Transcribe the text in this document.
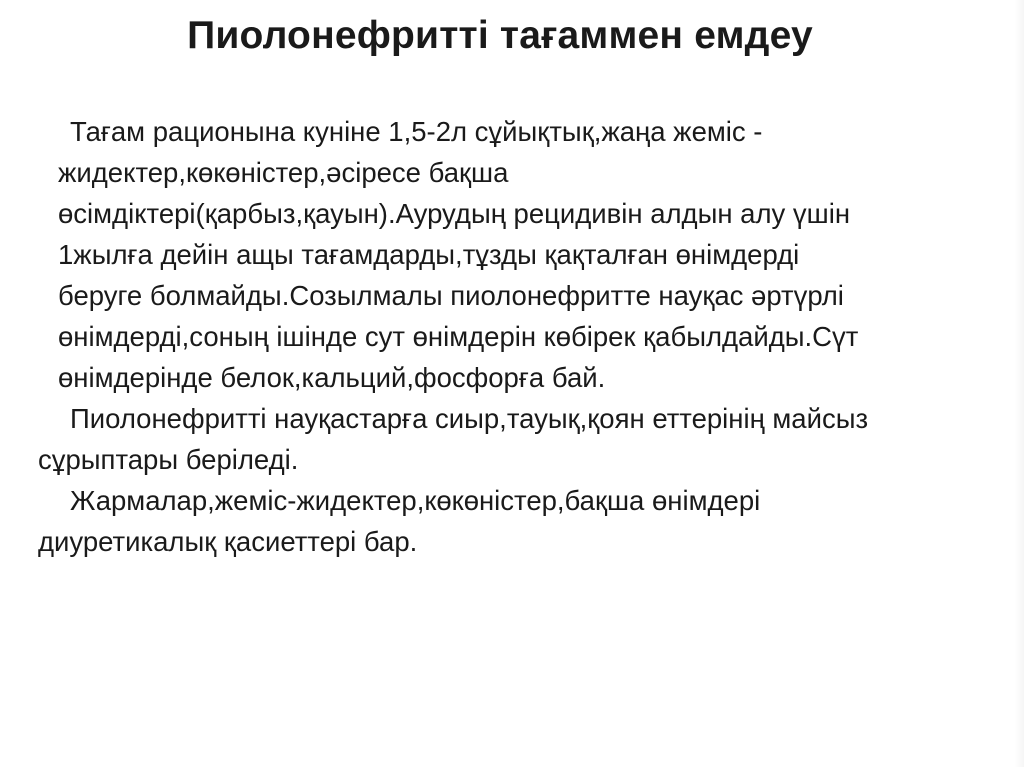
Пиолонефритті тағаммен емдеу
Тағам рационына куніне 1,5-2л сұйықтық,жаңа жеміс -
жидектер,көкөністер,әсіресе бақша
өсімдіктері(қарбыз,қауын).Аурудың рецидивін алдын алу үшін
1жылға дейін ащы тағамдарды,тұзды қақталған өнімдерді
беруге болмайды.Созылмалы пиолонефритте науқас әртүрлі
өнімдерді,соның ішінде сут өнімдерін көбірек қабылдайды.Сүт
өнімдерінде белок,кальций,фосфорға бай.
Пиолонефритті науқастарға сиыр,тауық,қоян еттерінің майсыз
сұрыптары беріледі.
Жармалар,жеміс-жидектер,көкөністер,бақша өнімдері
диуретикалық қасиеттері бар.
